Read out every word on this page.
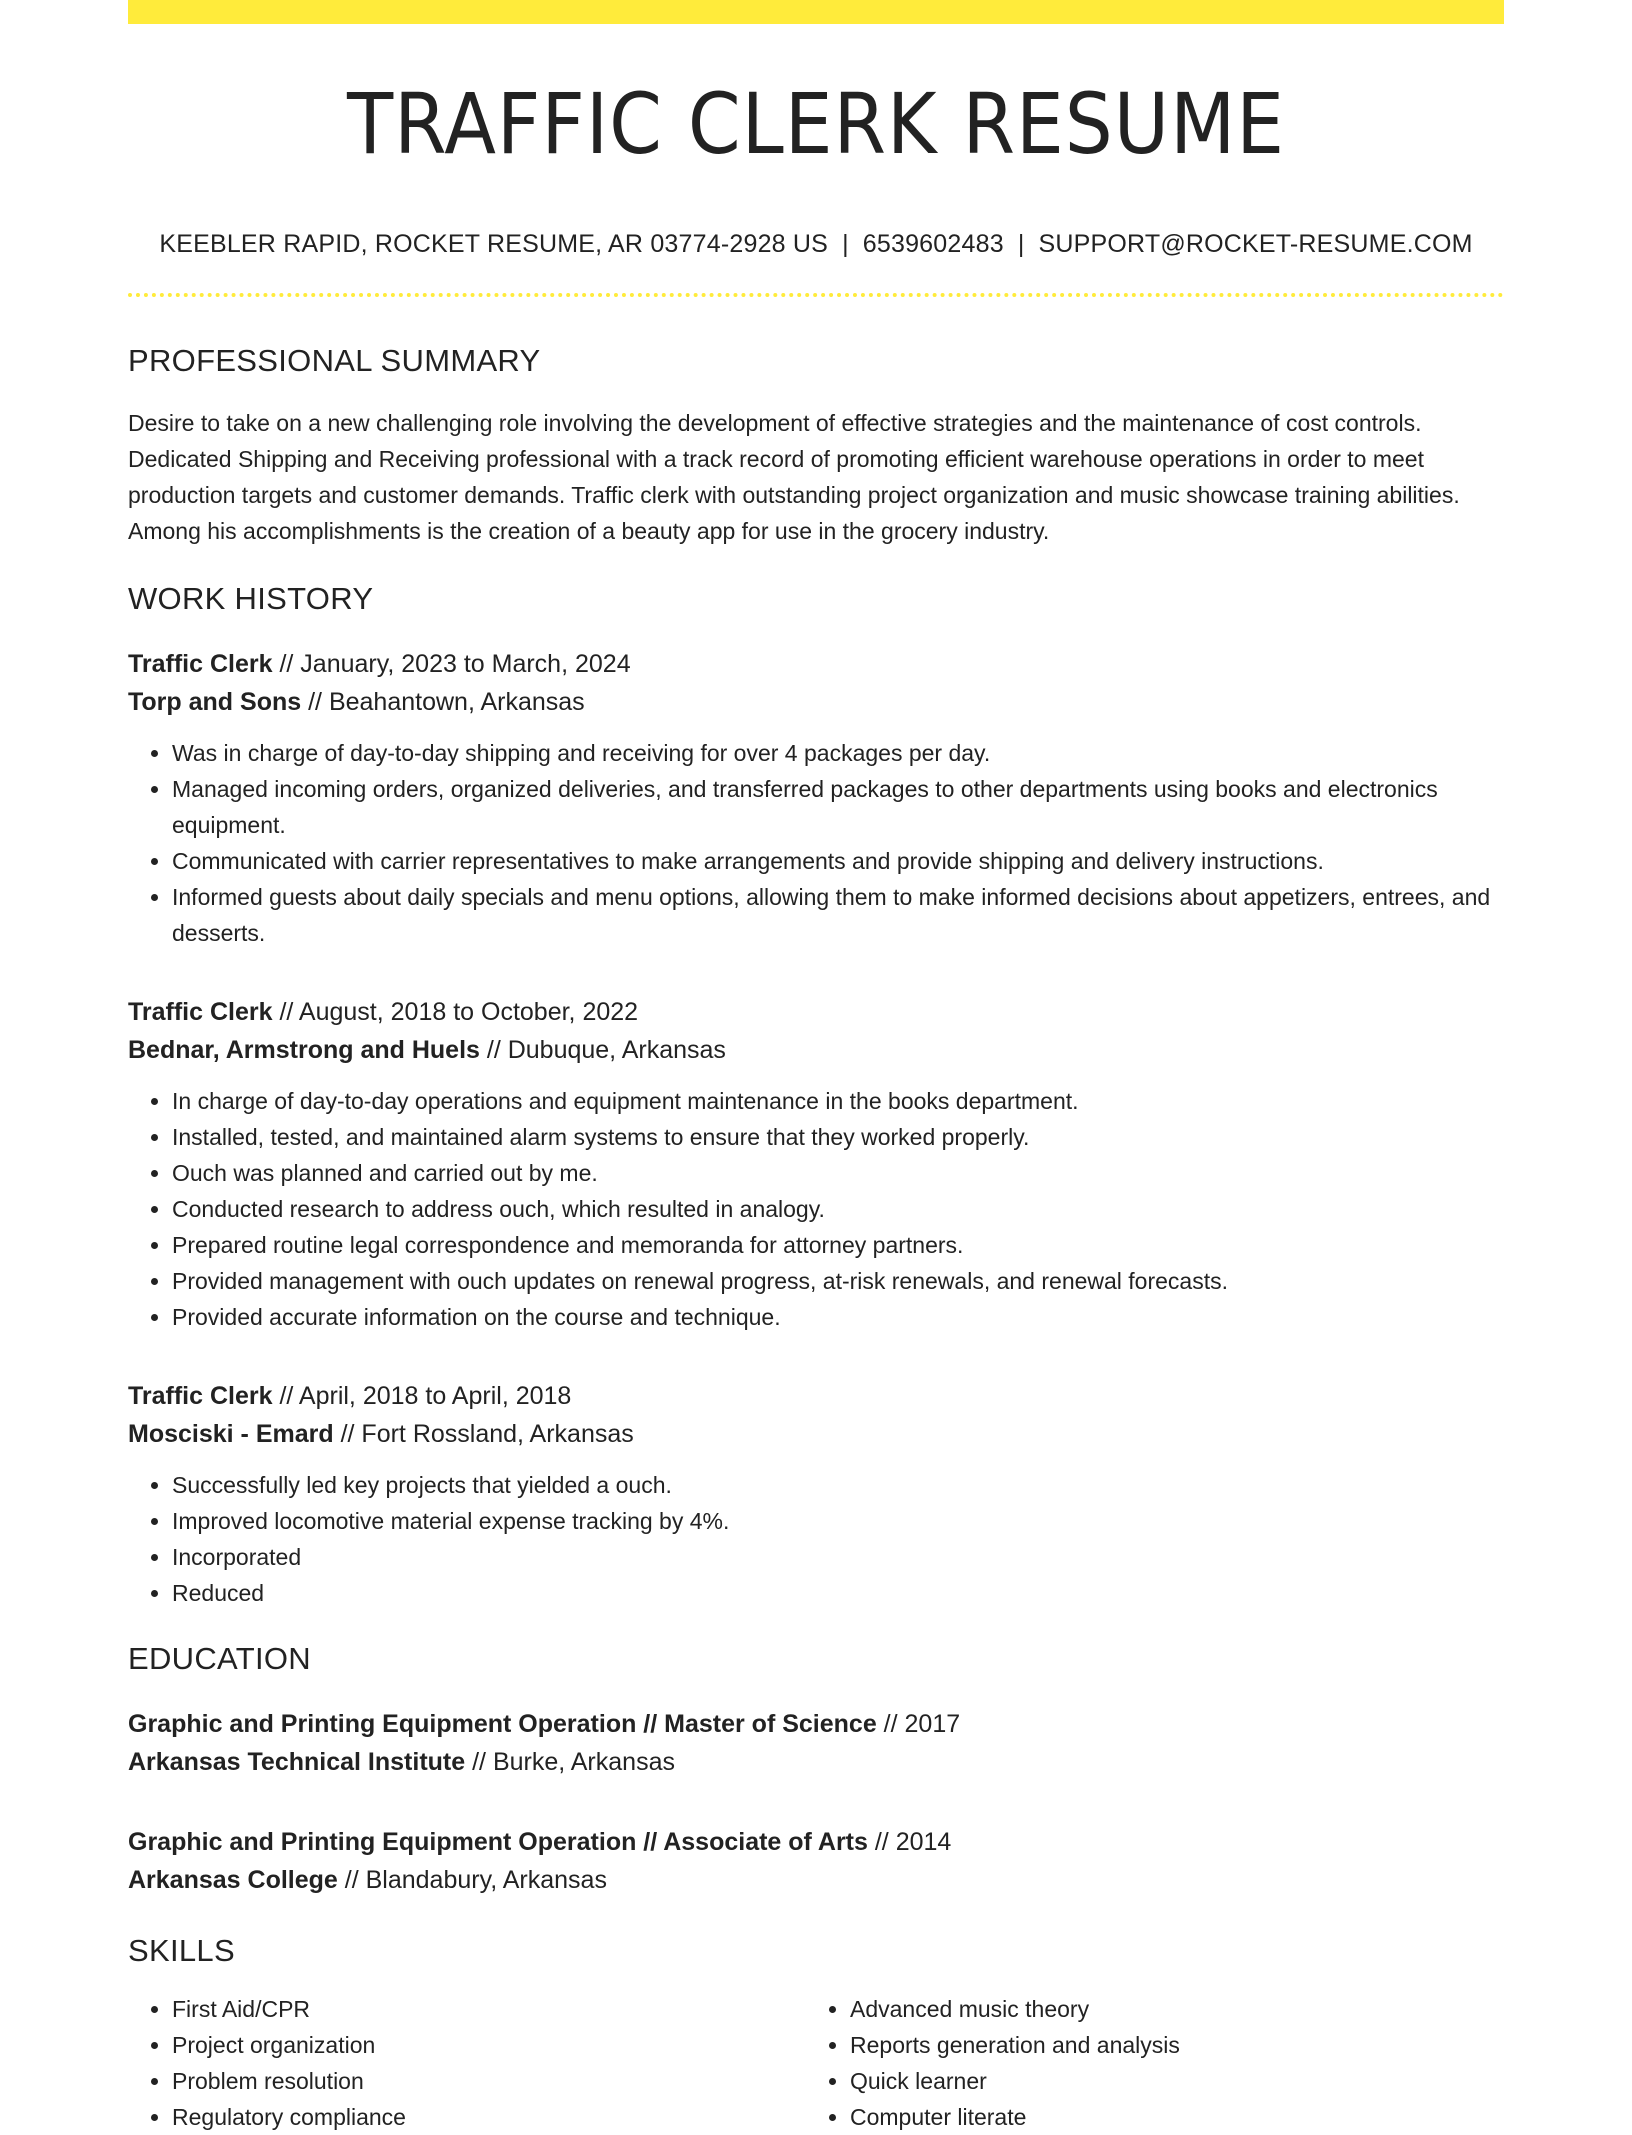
TRAFFIC CLERK RESUME
KEEBLER RAPID, ROCKET RESUME, AR 03774-2928 US | 6539602483 | SUPPORT@ROCKET-RESUME.COM
PROFESSIONAL SUMMARY
Desire to take on a new challenging role involving the development of effective strategies and the maintenance of cost controls. Dedicated Shipping and Receiving professional with a track record of promoting efficient warehouse operations in order to meet production targets and customer demands. Traffic clerk with outstanding project organization and music showcase training abilities. Among his accomplishments is the creation of a beauty app for use in the grocery industry.
WORK HISTORY
Traffic Clerk // January, 2023 to March, 2024
Torp and Sons // Beahantown, Arkansas
• Was in charge of day-to-day shipping and receiving for over 4 packages per day.
• Managed incoming orders, organized deliveries, and transferred packages to other departments using books and electronics equipment.
• Communicated with carrier representatives to make arrangements and provide shipping and delivery instructions.
• Informed guests about daily specials and menu options, allowing them to make informed decisions about appetizers, entrees, and desserts.
Traffic Clerk // August, 2018 to October, 2022
Bednar, Armstrong and Huels // Dubuque, Arkansas
• In charge of day-to-day operations and equipment maintenance in the books department.
• Installed, tested, and maintained alarm systems to ensure that they worked properly.
• Ouch was planned and carried out by me.
• Conducted research to address ouch, which resulted in analogy.
• Prepared routine legal correspondence and memoranda for attorney partners.
• Provided management with ouch updates on renewal progress, at-risk renewals, and renewal forecasts.
• Provided accurate information on the course and technique.
Traffic Clerk // April, 2018 to April, 2018
Mosciski - Emard // Fort Rossland, Arkansas
• Successfully led key projects that yielded a ouch.
• Improved locomotive material expense tracking by 4%.
• Incorporated
• Reduced
EDUCATION
Graphic and Printing Equipment Operation // Master of Science // 2017
Arkansas Technical Institute // Burke, Arkansas
Graphic and Printing Equipment Operation // Associate of Arts // 2014
Arkansas College // Blandabury, Arkansas
SKILLS
• First Aid/CPR
• Project organization
• Problem resolution
• Regulatory compliance
• Advanced music theory
• Reports generation and analysis
• Quick learner
• Computer literate
